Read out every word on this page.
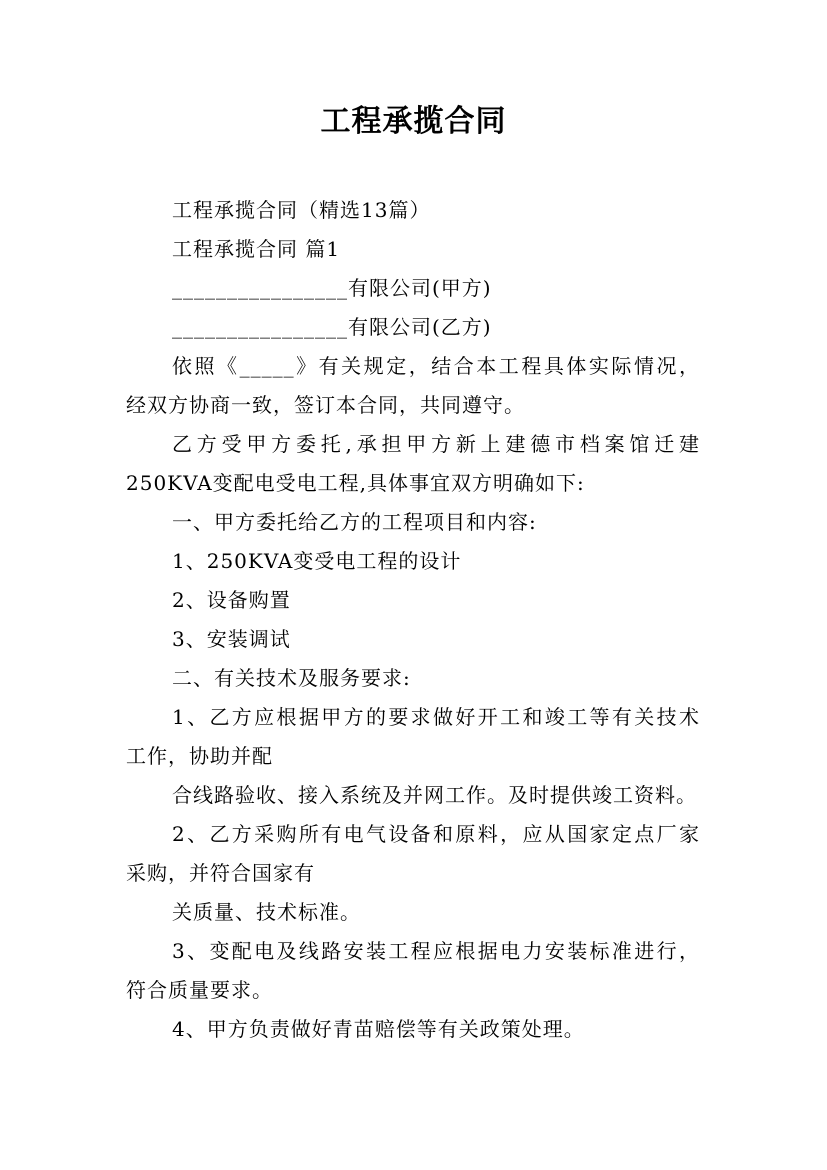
工程承揽合同
工程承揽合同（精选13篇）
工程承揽合同 篇1
________________有限公司(甲方)
________________有限公司(乙方)
依照《_____》有关规定，结合本工程具体实际情况，
经双方协商一致，签订本合同，共同遵守。
乙方受甲方委托,承担甲方新上建德市档案馆迁建
250KVA变配电受电工程,具体事宜双方明确如下:
一、甲方委托给乙方的工程项目和内容:
1、250KVA变受电工程的设计
2、设备购置
3、安装调试
二、有关技术及服务要求:
1、乙方应根据甲方的要求做好开工和竣工等有关技术
工作，协助并配
合线路验收、接入系统及并网工作。及时提供竣工资料。
2、乙方采购所有电气设备和原料，应从国家定点厂家
采购，并符合国家有
关质量、技术标准。
3、变配电及线路安装工程应根据电力安装标准进行，
符合质量要求。
4、甲方负责做好青苗赔偿等有关政策处理。
